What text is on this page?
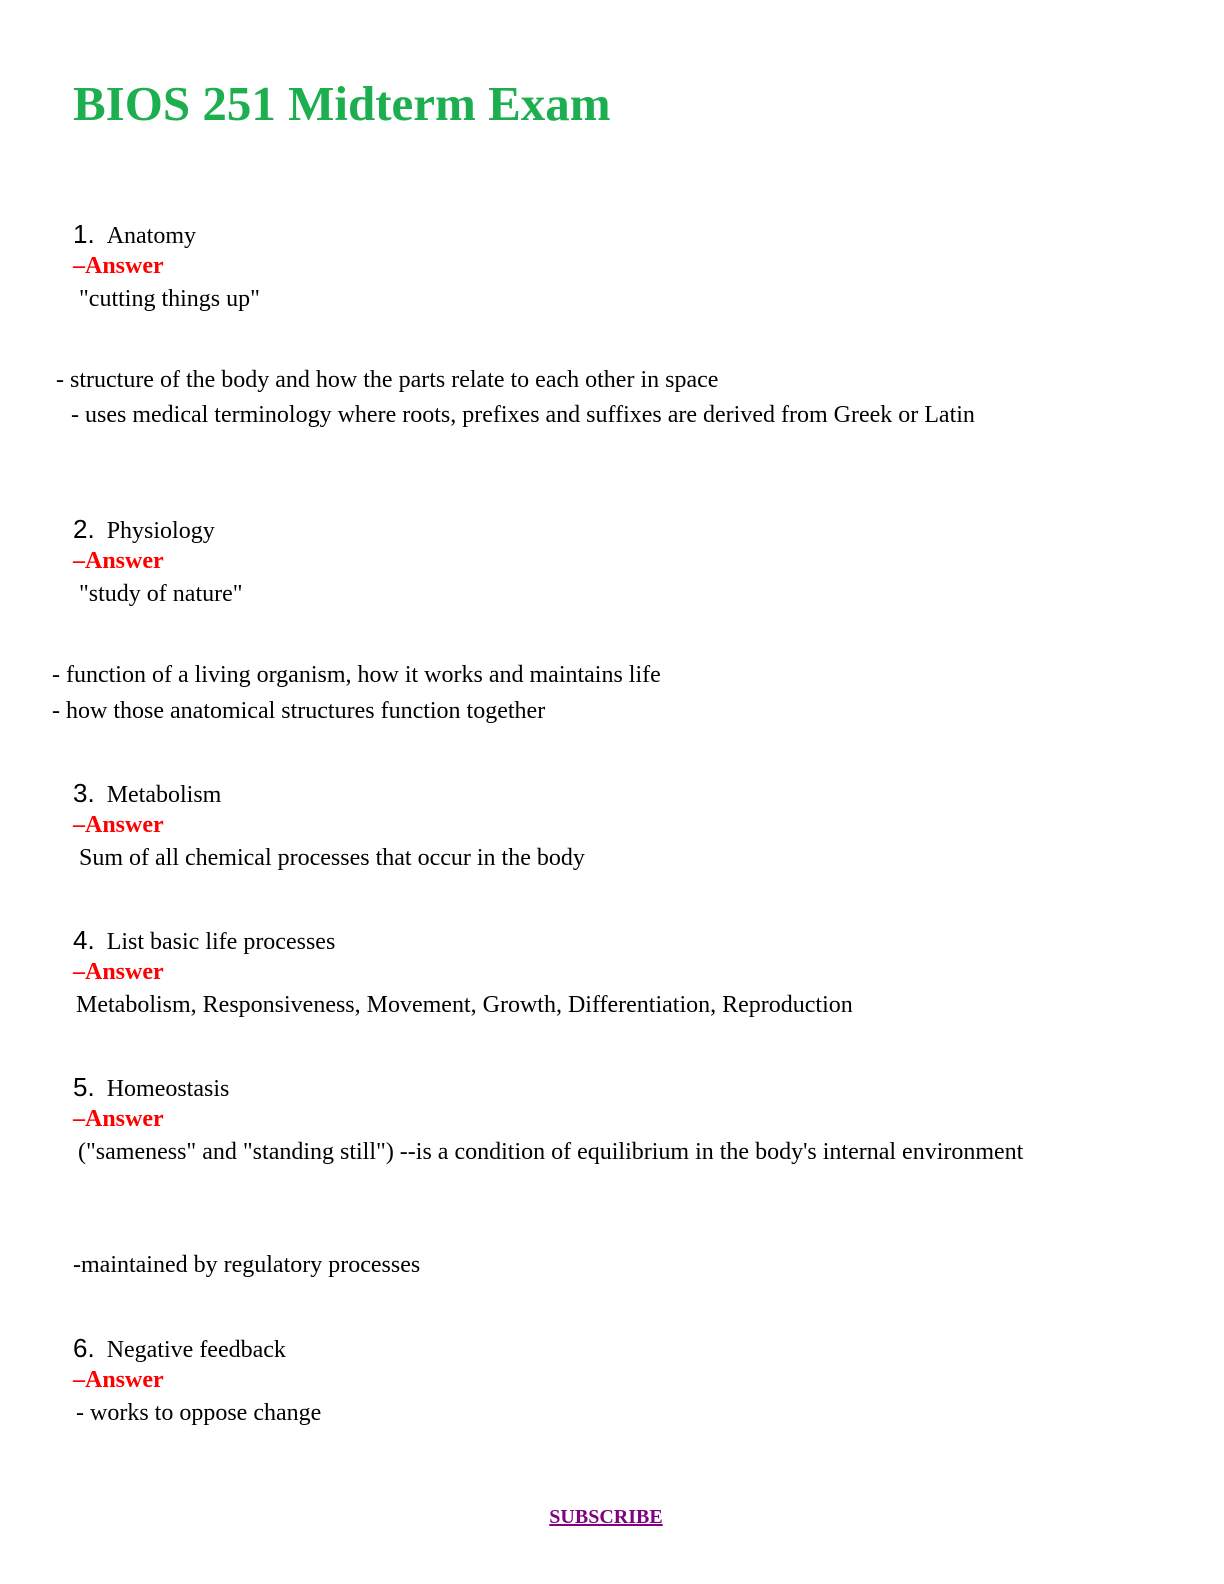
BIOS 251 Midterm Exam
1. Anatomy
–Answer
"cutting things up"
- structure of the body and how the parts relate to each other in space
- uses medical terminology where roots, prefixes and suffixes are derived from Greek or Latin
2. Physiology
–Answer
"study of nature"
- function of a living organism, how it works and maintains life
- how those anatomical structures function together
3. Metabolism
–Answer
Sum of all chemical processes that occur in the body
4. List basic life processes
–Answer
Metabolism, Responsiveness, Movement, Growth, Differentiation, Reproduction
5. Homeostasis
–Answer
("sameness" and "standing still") --is a condition of equilibrium in the body's internal environment
-maintained by regulatory processes
6. Negative feedback
–Answer
- works to oppose change
SUBSCRIBE
